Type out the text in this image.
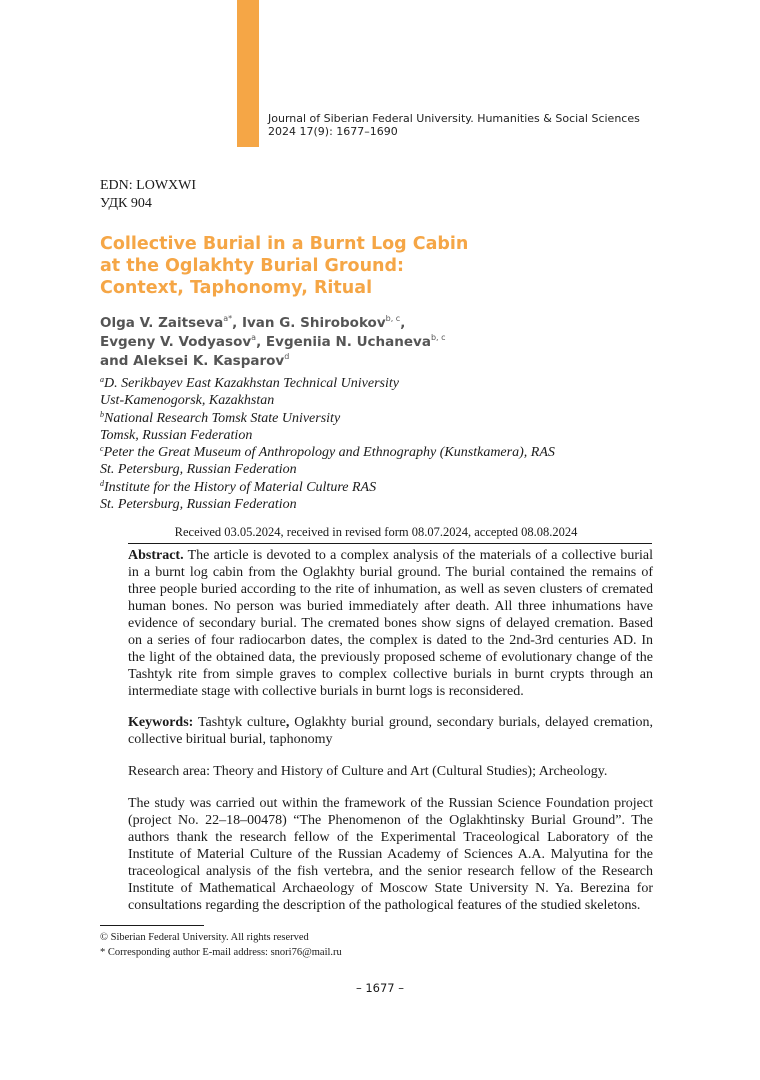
Journal of Siberian Federal University. Humanities & Social Sciences
2024 17(9): 1677–1690
EDN: LOWXWI
УДК 904
Collective Burial in a Burnt Log Cabin
at the Oglakhty Burial Ground:
Context, Taphonomy, Ritual
Olga V. Zaitseva$^{a*}$, Ivan G. Shirobokov$^{b, c}$,
Evgeny V. Vodyasov$^a$, Evgeniia N. Uchaneva$^{b, c}$
and Aleksei K. Kasparov$^d$
$^a$D. Serikbayev East Kazakhstan Technical University
Ust-Kamenogorsk, Kazakhstan
$^b$National Research Tomsk State University
Tomsk, Russian Federation
$^c$Peter the Great Museum of Anthropology and Ethnography (Kunstkamera), RAS
St. Petersburg, Russian Federation
$^d$Institute for the History of Material Culture RAS
St. Petersburg, Russian Federation
Received 03.05.2024, received in revised form 08.07.2024, accepted 08.08.2024
Abstract. The article is devoted to a complex analysis of the materials of a collective burial in a burnt log cabin from the Oglakhty burial ground. The burial contained the remains of three people buried according to the rite of inhumation, as well as seven clusters of cremated human bones. No person was buried immediately after death. All three inhumations have evidence of secondary burial. The cremated bones show signs of delayed cremation. Based on a series of four radiocarbon dates, the complex is dated to the 2nd-3rd centuries AD. In the light of the obtained data, the previously proposed scheme of evolutionary change of the Tashtyk rite from simple graves to complex collective burials in burnt crypts through an intermediate stage with collective burials in burnt logs is reconsidered.
Keywords: Tashtyk culture, Oglakhty burial ground, secondary burials, delayed cremation, collective biritual burial, taphonomy
Research area: Theory and History of Culture and Art (Cultural Studies); Archeology.
The study was carried out within the framework of the Russian Science Foundation project (project No. 22–18–00478) “The Phenomenon of the Oglakhtinsky Burial Ground”. The authors thank the research fellow of the Experimental Traceological Laboratory of the Institute of Material Culture of the Russian Academy of Sciences A.A. Malyutina for the traceological analysis of the fish vertebra, and the senior research fellow of the Research Institute of Mathematical Archaeology of Moscow State University N. Ya. Berezina for consultations regarding the description of the pathological features of the studied skeletons.
© Siberian Federal University. All rights reserved
* Corresponding author E-mail address: snori76@mail.ru
– 1677 –
